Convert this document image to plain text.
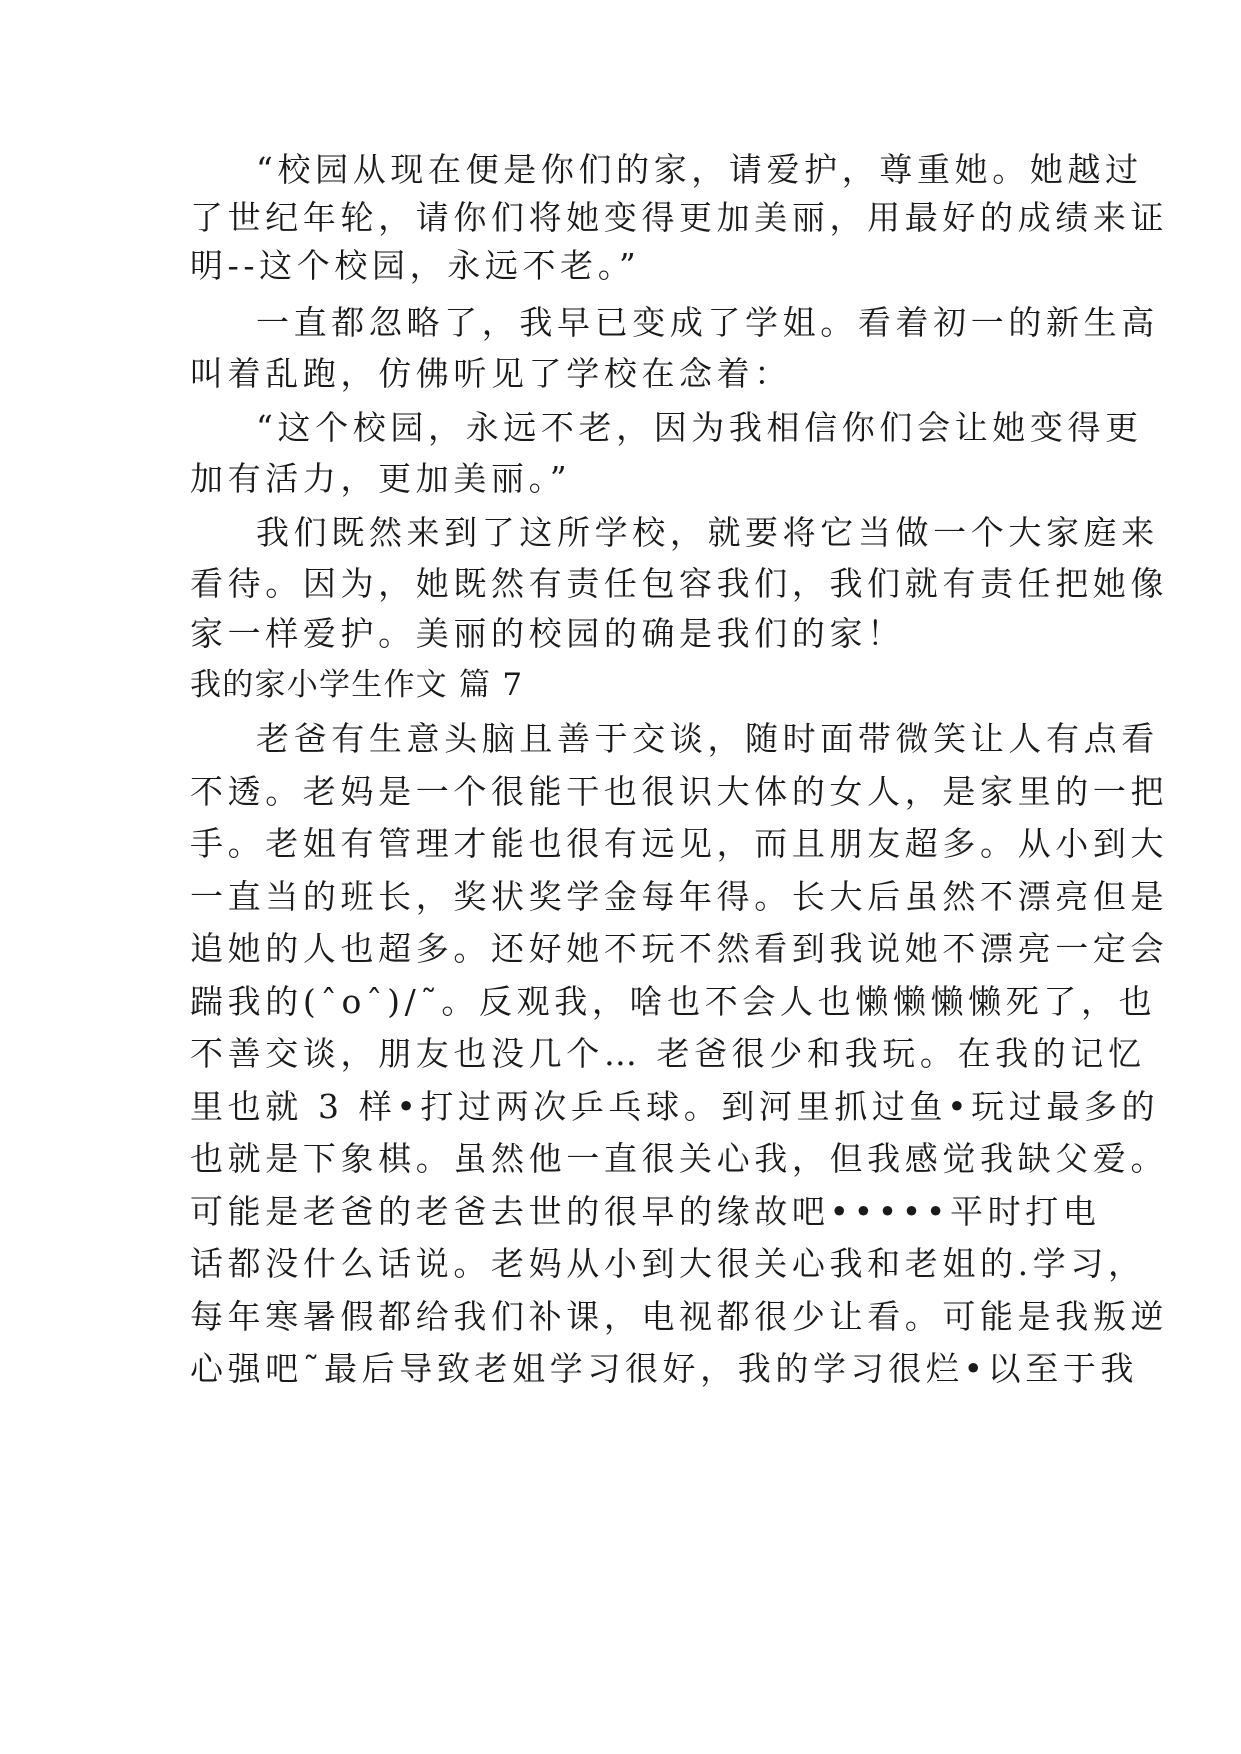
“校园从现在便是你们的家，请爱护，尊重她。她越过
了世纪年轮，请你们将她变得更加美丽，用最好的成绩来证
明--这个校园，永远不老。”
一直都忽略了，我早已变成了学姐。看着初一的新生高
叫着乱跑，仿佛听见了学校在念着：
“这个校园，永远不老，因为我相信你们会让她变得更
加有活力，更加美丽。”
我们既然来到了这所学校，就要将它当做一个大家庭来
看待。因为，她既然有责任包容我们，我们就有责任把她像
家一样爱护。美丽的校园的确是我们的家！
我的家小学生作文 篇 7
老爸有生意头脑且善于交谈，随时面带微笑让人有点看
不透。老妈是一个很能干也很识大体的女人，是家里的一把
手。老姐有管理才能也很有远见，而且朋友超多。从小到大
一直当的班长，奖状奖学金每年得。长大后虽然不漂亮但是
追她的人也超多。还好她不玩不然看到我说她不漂亮一定会
踹我的(ˆoˆ)/˜。反观我，啥也不会人也懒懒懒懒死了，也
不善交谈，朋友也没几个… 老爸很少和我玩。在我的记忆
里也就 3 样•打过两次乒乓球。到河里抓过鱼•玩过最多的
也就是下象棋。虽然他一直很关心我，但我感觉我缺父爱。
可能是老爸的老爸去世的很早的缘故吧•••••平时打电
话都没什么话说。老妈从小到大很关心我和老姐的.学习，
每年寒暑假都给我们补课，电视都很少让看。可能是我叛逆
心强吧˜最后导致老姐学习很好，我的学习很烂•以至于我
